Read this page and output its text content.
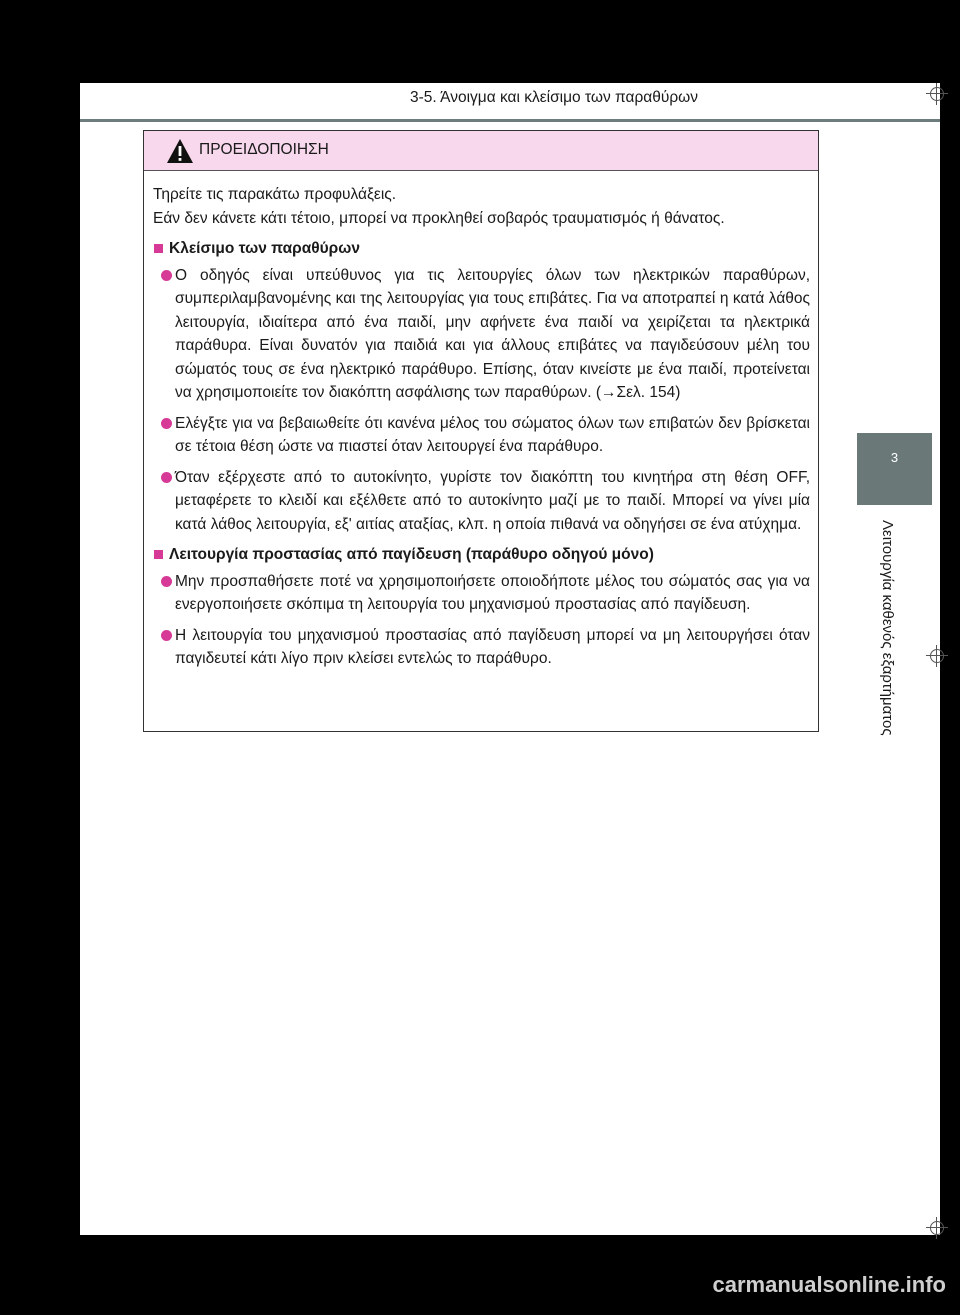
3-5. Άνοιγμα και κλείσιμο των παραθύρων
3
Λειτουργία καθενός εξαρτήματος
ΠΡΟΕΙΔΟΠΟΙΗΣΗ

Τηρείτε τις παρακάτω προφυλάξεις.

Εάν δεν κάνετε κάτι τέτοιο, μπορεί να προκληθεί σοβαρός τραυματισμός ή θάνατος.

Κλείσιμο των παραθύρων
Ο οδηγός είναι υπεύθυνος για τις λειτουργίες όλων των ηλεκτρικών παραθύρων, συμπεριλαμβανομένης και της λειτουργίας για τους επιβάτες. Για να αποτραπεί η κατά λάθος λειτουργία, ιδιαίτερα από ένα παιδί, μην αφήνετε ένα παιδί να χειρίζεται τα ηλεκτρικά παράθυρα. Είναι δυνατόν για παιδιά και για άλλους επιβάτες να παγιδεύσουν μέλη του σώματός τους σε ένα ηλεκτρικό παράθυρο. Επίσης, όταν κινείστε με ένα παιδί, προτείνεται να χρησιμοποιείτε τον διακόπτη ασφάλισης των παραθύρων. (→Σελ. 154)
Ελέγξτε για να βεβαιωθείτε ότι κανένα μέλος του σώματος όλων των επιβατών δεν βρίσκεται σε τέτοια θέση ώστε να πιαστεί όταν λειτουργεί ένα παράθυρο.
Όταν εξέρχεστε από το αυτοκίνητο, γυρίστε τον διακόπτη του κινητήρα στη θέση OFF, μεταφέρετε το κλειδί και εξέλθετε από το αυτοκίνητο μαζί με το παιδί. Μπορεί να γίνει μία κατά λάθος λειτουργία, εξ' αιτίας αταξίας, κλπ. η οποία πιθανά να οδηγήσει σε ένα ατύχημα.
Λειτουργία προστασίας από παγίδευση (παράθυρο οδηγού μόνο)
Μην προσπαθήσετε ποτέ να χρησιμοποιήσετε οποιοδήποτε μέλος του σώματός σας για να ενεργοποιήσετε σκόπιμα τη λειτουργία του μηχανισμού προστασίας από παγίδευση.
Η λειτουργία του μηχανισμού προστασίας από παγίδευση μπορεί να μη λειτουργήσει όταν παγιδευτεί κάτι λίγο πριν κλείσει εντελώς το παράθυρο.
carmanualsonline.info
